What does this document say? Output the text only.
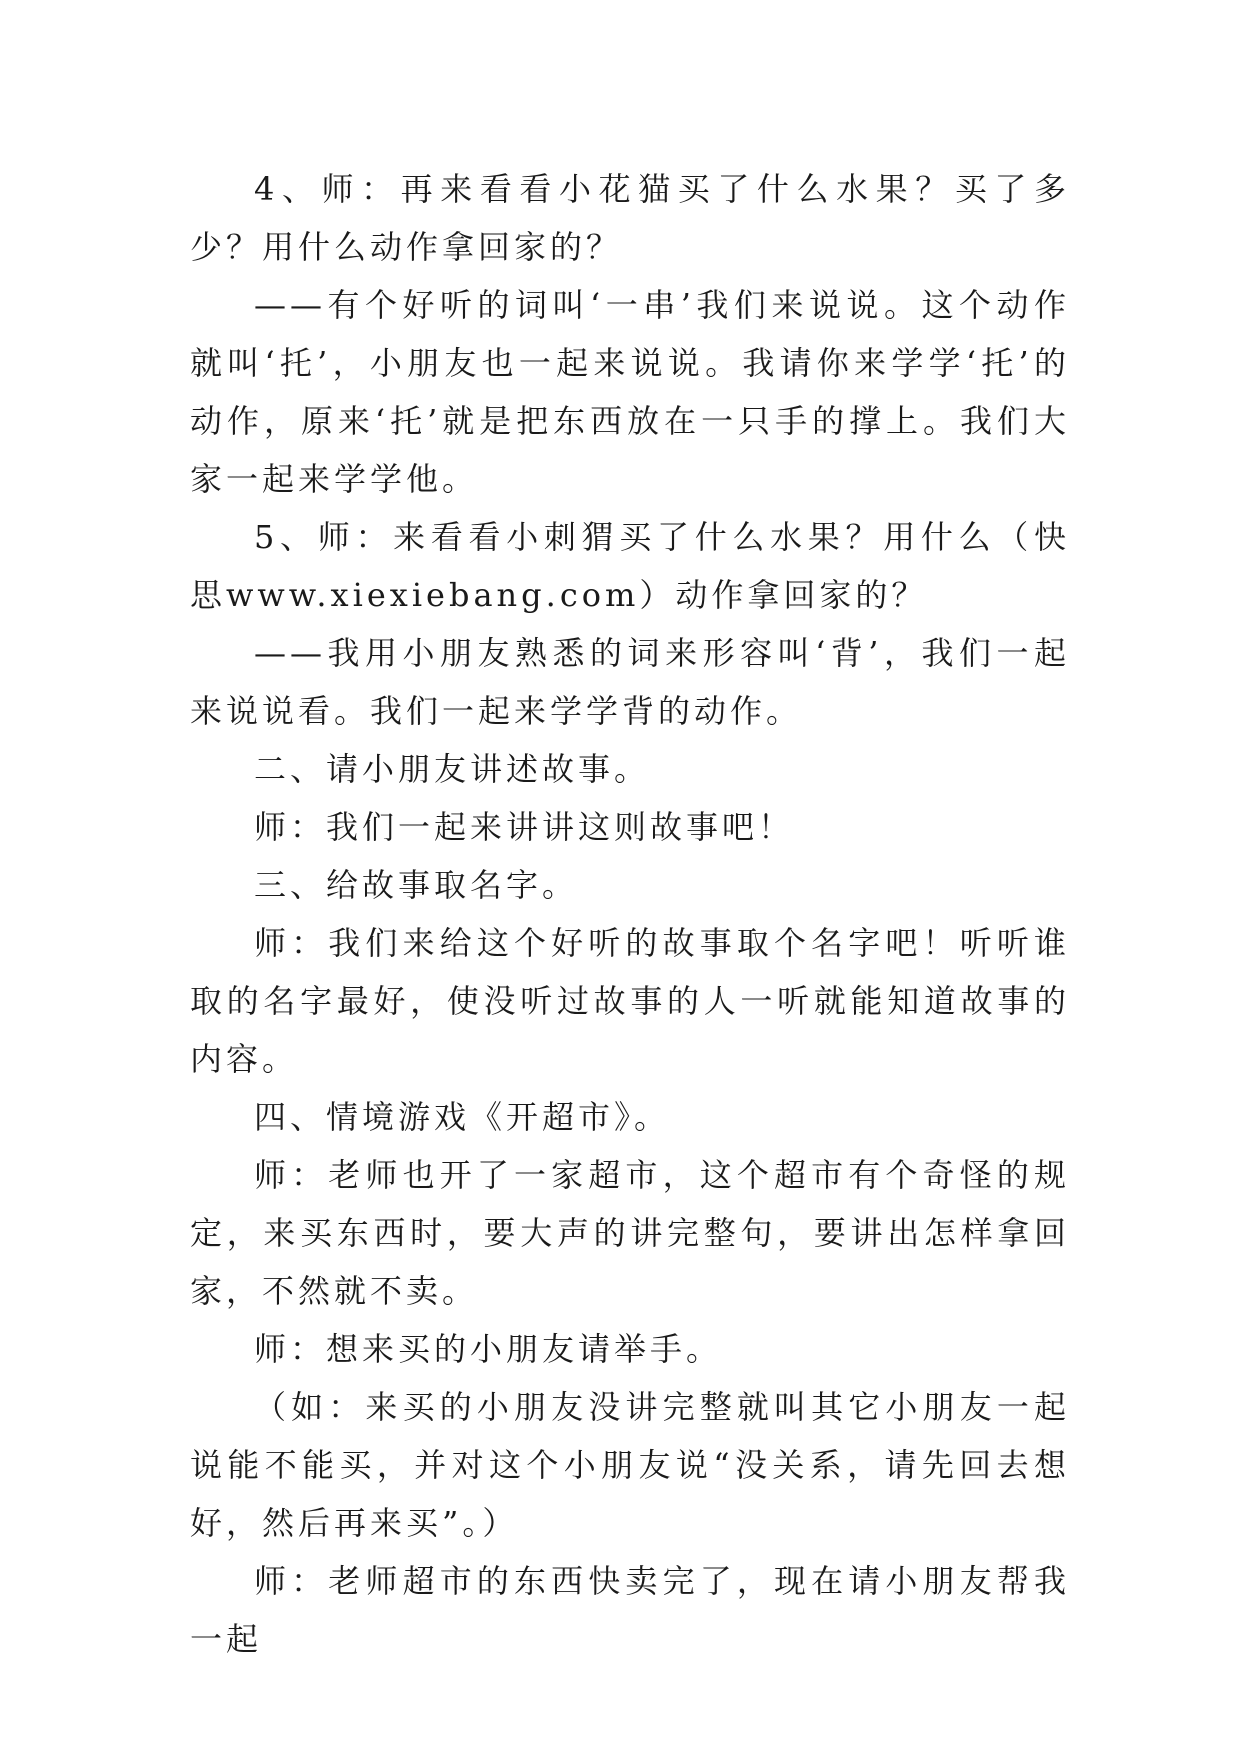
4、师：再来看看小花猫买了什么水果？买了多少？用什么动作拿回家的？

——有个好听的词叫‘一串’我们来说说。这个动作就叫‘托’，小朋友也一起来说说。我请你来学学‘托’的动作，原来‘托’就是把东西放在一只手的撑上。我们大家一起来学学他。

5、师：来看看小刺猬买了什么水果？用什么（快思www.xiexiebang.com）动作拿回家的？

——我用小朋友熟悉的词来形容叫‘背’，我们一起来说说看。我们一起来学学背的动作。

二、请小朋友讲述故事。

师：我们一起来讲讲这则故事吧！

三、给故事取名字。

师：我们来给这个好听的故事取个名字吧！听听谁取的名字最好，使没听过故事的人一听就能知道故事的内容。

四、情境游戏《开超市》。

师：老师也开了一家超市，这个超市有个奇怪的规定，来买东西时，要大声的讲完整句，要讲出怎样拿回家，不然就不卖。

师：想来买的小朋友请举手。

（如：来买的小朋友没讲完整就叫其它小朋友一起说能不能买，并对这个小朋友说“没关系，请先回去想好，然后再来买”。）

师：老师超市的东西快卖完了，现在请小朋友帮我一起
